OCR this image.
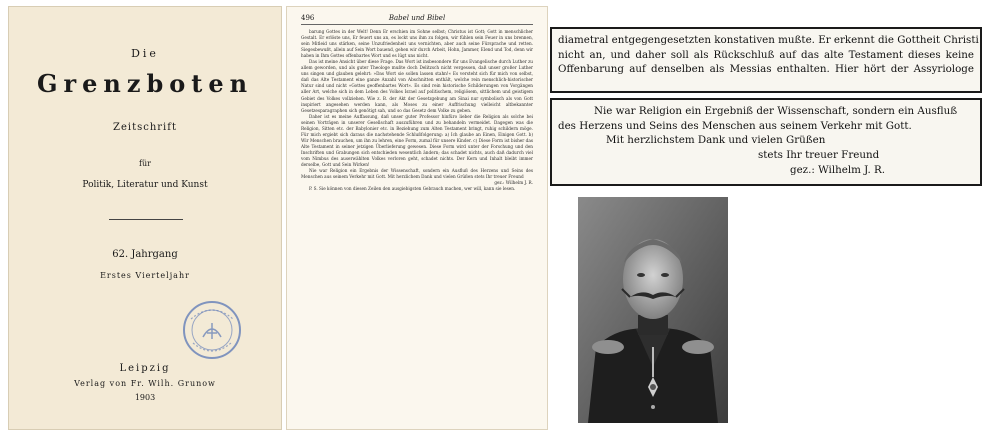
Die
Grenzboten
Zeitschrift
für
Politik, Literatur und Kunst
62. Jahrgang
Erstes Vierteljahr
Leipzig
Verlag von Fr. Wilh. Grunow
1903
496	Babel und Bibel

barung Gottes in der Welt! Denn Er erschien im Sohne selbst; Christus ist Gott; Gott in menschlicher Gestalt. Er erlöste uns, Er feuert uns an, es lockt uns ihm zu folgen, wir fühlen sein Feuer in uns brennen, sein Mitleid uns stärken, seine Unzufriedenheit uns vernichten, aber auch seine Fürsprache und retten. Siegesbewußt, allein auf Sein Wort bauend, gehen wir durch Arbeit, Hohn, Jammer, Elend und Tod, denn wir haben in Ihm Gottes offenbartes Wort und es lügt uns nicht.

Das ist meine Ansicht über diese Frage. Das Wort ist insbesondere für uns Evangelische durch Luther zu allem geworden, und als guter Theologe mußte doch Delitzsch nicht vergessen, daß unser großer Luther uns singen und glauben gelehrt: »Das Wort sie sollen lassen stahn!« Es versteht sich für mich von selbst, daß das Alte Testament eine ganze Anzahl von Abschnitten enthält, welche rein menschlich-historischer Natur sind und nicht »Gottes geoffenbartes Wort«. Es sind rein historische Schilderungen von Vorgängen aller Art, welche sich in dem Leben des Volkes Israel auf politischem, religiösem, sittlichem und geistigem Gebiet des Volkes vollziehen. Wie z. B. der Akt der Gesetzgebung am Sinai nur symbolisch als von Gott inspiriert angesehen werden kann, als Moses zu einer Auffrischung vielleicht altbekannter Gesetzesparagraphen sich genötigt sah, und so das Gesetz dem Volke zu geben.

Daher ist es meine Auffassung, daß unser guter Professor hinfüro lieber die Religion als solche bei seinen Vorträgen in unserer Gesellschaft auszuführen und zu behandeln vermeidet. Dagegen was die Religion, Sitten etc. der Babylonier etc. in Beziehung zum Alten Testament bringt, ruhig schildern möge. Für mich ergiebt sich daraus die nachstehende Schlußfolgerung: a) Ich glaube an Einen, Einigen Gott. b) Wir Menschen brauchen, um ihn zu lehren, eine Form, zumal für unsere Kinder. c) Diese Form ist bisher das Alte Testament in seiner jetzigen Überlieferung gewesen. Diese Form wird unter der Forschung und den Inschriften und Grabungen sich entschieden wesentlich ändern; das schadet nichts, auch daß dadurch viel vom Nimbus des auserwählten Volkes verloren geht, schadet nichts. Der Kern und Inhalt bleibt immer derselbe, Gott und Sein Wirken!

Nie war Religion ein Ergebnis der Wissenschaft, sondern ein Ausfluß des Herzens und Seins des Menschen aus seinem Verkehr mit Gott. Mit herzlichem Dank und vielen Grüßen stets Ihr treuer Freund

gez.: Wilhelm J. R.

P. S. Sie können von diesen Zeilen den ausgiebigsten Gebrauch machen, wer will, kann sie lesen.

diametral entgegengesetzten konstativen mußte. Er erkennt die Gottheit Christi
nicht an, und daher soll als Rückschluß auf das alte Testament dieses keine
Offenbarung auf denselben als Messias enthalten. Hier hört der Assyriologe
Nie war Religion ein Ergebniß der Wissenschaft, sondern ein Ausfluß
des Herzens und Seins des Menschen aus seinem Verkehr mit Gott.
Mit herzlichstem Dank und vielen Grüßen
stets Ihr treuer Freund
gez.: Wilhelm J. R.
